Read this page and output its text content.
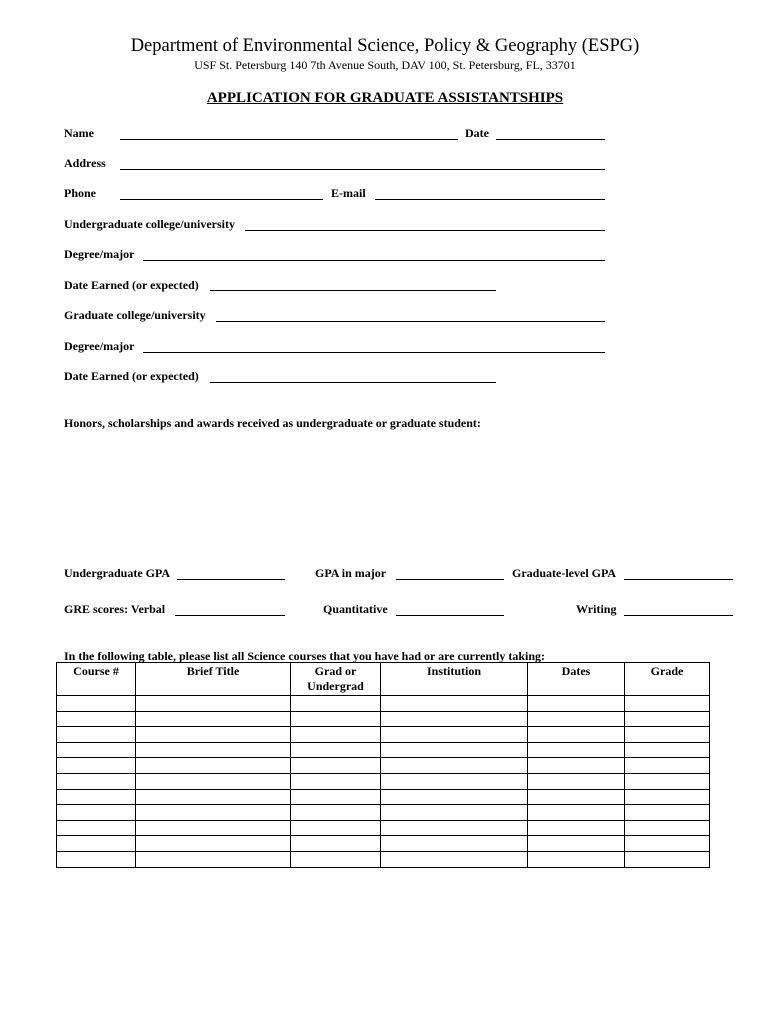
Department of Environmental Science, Policy & Geography (ESPG)
USF St. Petersburg 140 7th Avenue South, DAV 100, St. Petersburg, FL, 33701
APPLICATION FOR GRADUATE ASSISTANTSHIPS
Name	Date
Address
Phone	E-mail
Undergraduate college/university
Degree/major
Date Earned (or expected)
Graduate college/university
Degree/major
Date Earned (or expected)
Honors, scholarships and awards received as undergraduate or graduate student:
Undergraduate GPA	GPA in major	Graduate-level GPA
GRE scores: Verbal	Quantitative	Writing
In the following table, please list all Science courses that you have had or are currently taking:
Course #	Brief Title	Grad or Undergrad	Institution	Dates	Grade
